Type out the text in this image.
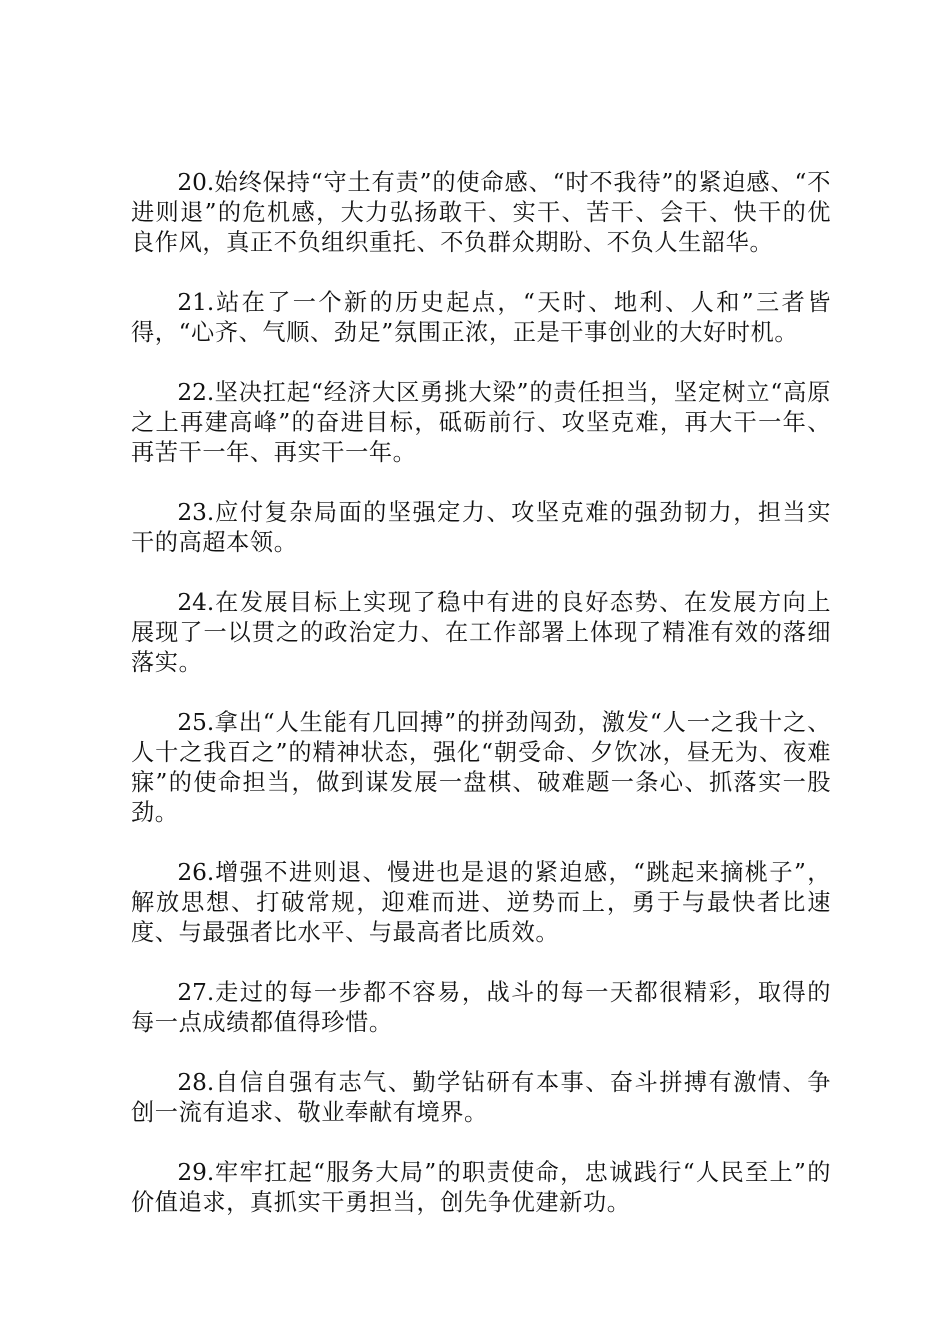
20.始终保持“守土有责”的使命感、“时不我待”的紧迫感、“不进则退”的危机感，大力弘扬敢干、实干、苦干、会干、快干的优良作风，真正不负组织重托、不负群众期盼、不负人生韶华。

21.站在了一个新的历史起点，“天时、地利、人和”三者皆得，“心齐、气顺、劲足”氛围正浓，正是干事创业的大好时机。

22.坚决扛起“经济大区勇挑大梁”的责任担当，坚定树立“高原之上再建高峰”的奋进目标，砥砺前行、攻坚克难，再大干一年、再苦干一年、再实干一年。

23.应付复杂局面的坚强定力、攻坚克难的强劲韧力，担当实干的高超本领。

24.在发展目标上实现了稳中有进的良好态势、在发展方向上展现了一以贯之的政治定力、在工作部署上体现了精准有效的落细落实。

25.拿出“人生能有几回搏”的拼劲闯劲，激发“人一之我十之、人十之我百之”的精神状态，强化“朝受命、夕饮冰，昼无为、夜难寐”的使命担当，做到谋发展一盘棋、破难题一条心、抓落实一股劲。

26.增强不进则退、慢进也是退的紧迫感，“跳起来摘桃子”，解放思想、打破常规，迎难而进、逆势而上，勇于与最快者比速度、与最强者比水平、与最高者比质效。

27.走过的每一步都不容易，战斗的每一天都很精彩，取得的每一点成绩都值得珍惜。

28.自信自强有志气、勤学钻研有本事、奋斗拼搏有激情、争创一流有追求、敬业奉献有境界。

29.牢牢扛起“服务大局”的职责使命，忠诚践行“人民至上”的价值追求，真抓实干勇担当，创先争优建新功。
